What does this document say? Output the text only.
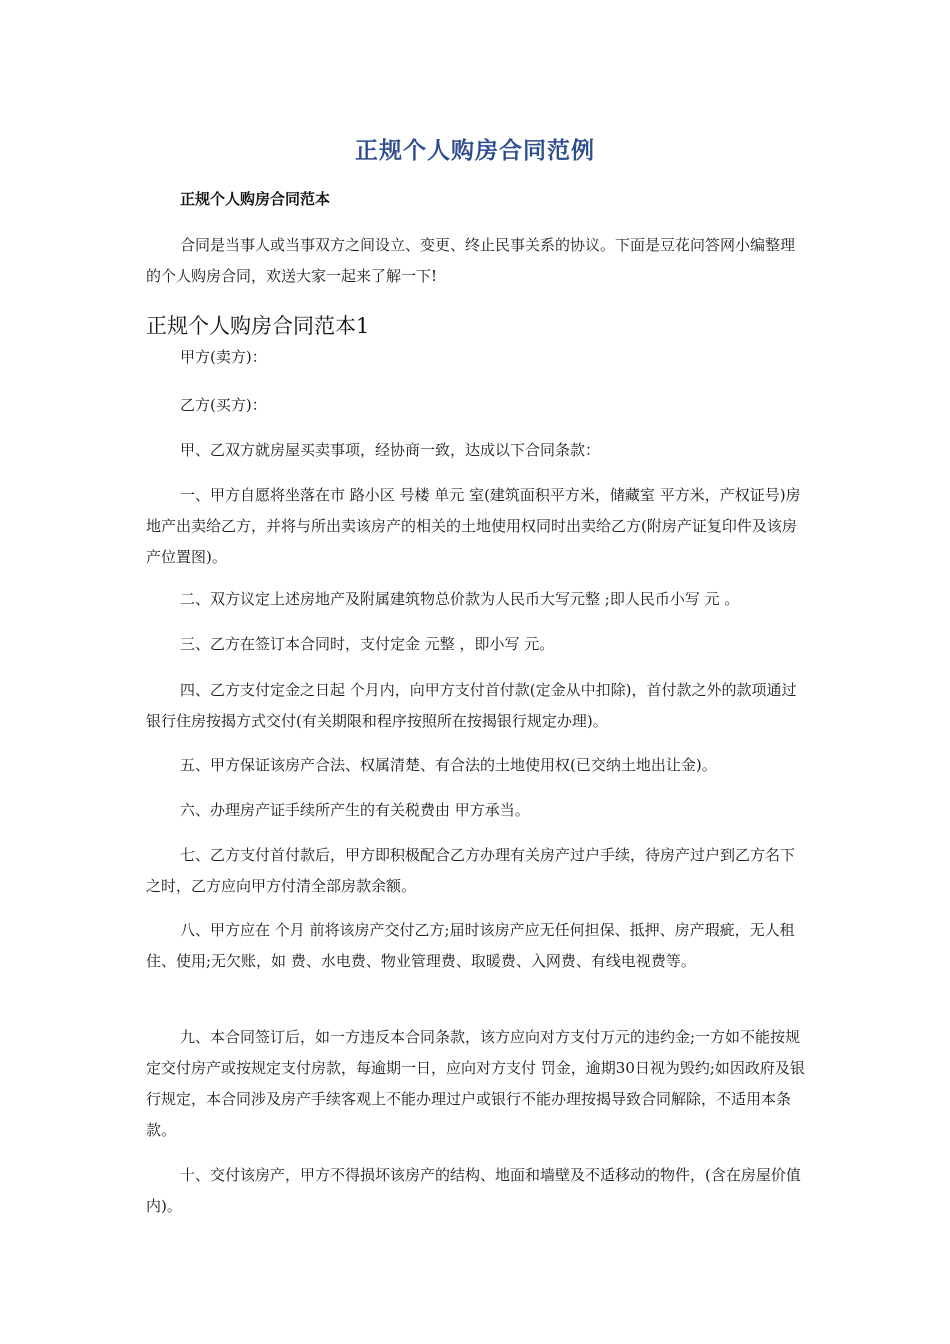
正规个人购房合同范例
正规个人购房合同范本
合同是当事人或当事双方之间设立、变更、终止民事关系的协议。下面是豆花问答网小编整理的个人购房合同，欢送大家一起来了解一下!
正规个人购房合同范本1
甲方(卖方)：
乙方(买方)：
甲、乙双方就房屋买卖事项，经协商一致，达成以下合同条款：
一、甲方自愿将坐落在市 路小区 号楼 单元 室(建筑面积平方米，储藏室 平方米，产权证号)房地产出卖给乙方，并将与所出卖该房产的相关的土地使用权同时出卖给乙方(附房产证复印件及该房产位置图)。
二、双方议定上述房地产及附属建筑物总价款为人民币大写元整 ;即人民币小写 元 。
三、乙方在签订本合同时，支付定金 元整 ，即小写 元。
四、乙方支付定金之日起 个月内，向甲方支付首付款(定金从中扣除)，首付款之外的款项通过银行住房按揭方式交付(有关期限和程序按照所在按揭银行规定办理)。
五、甲方保证该房产合法、权属清楚、有合法的土地使用权(已交纳土地出让金)。
六、办理房产证手续所产生的有关税费由 甲方承当。
七、乙方支付首付款后，甲方即积极配合乙方办理有关房产过户手续，待房产过户到乙方名下之时，乙方应向甲方付清全部房款余额。
八、甲方应在 个月 前将该房产交付乙方;届时该房产应无任何担保、抵押、房产瑕疵，无人租住、使用;无欠账，如 费、水电费、物业管理费、取暖费、入网费、有线电视费等。
九、本合同签订后，如一方违反本合同条款，该方应向对方支付万元的违约金;一方如不能按规定交付房产或按规定支付房款，每逾期一日，应向对方支付 罚金，逾期30日视为毁约;如因政府及银行规定，本合同涉及房产手续客观上不能办理过户或银行不能办理按揭导致合同解除，不适用本条款。
十、交付该房产，甲方不得损坏该房产的结构、地面和墙壁及不适移动的物件，(含在房屋价值内)。
